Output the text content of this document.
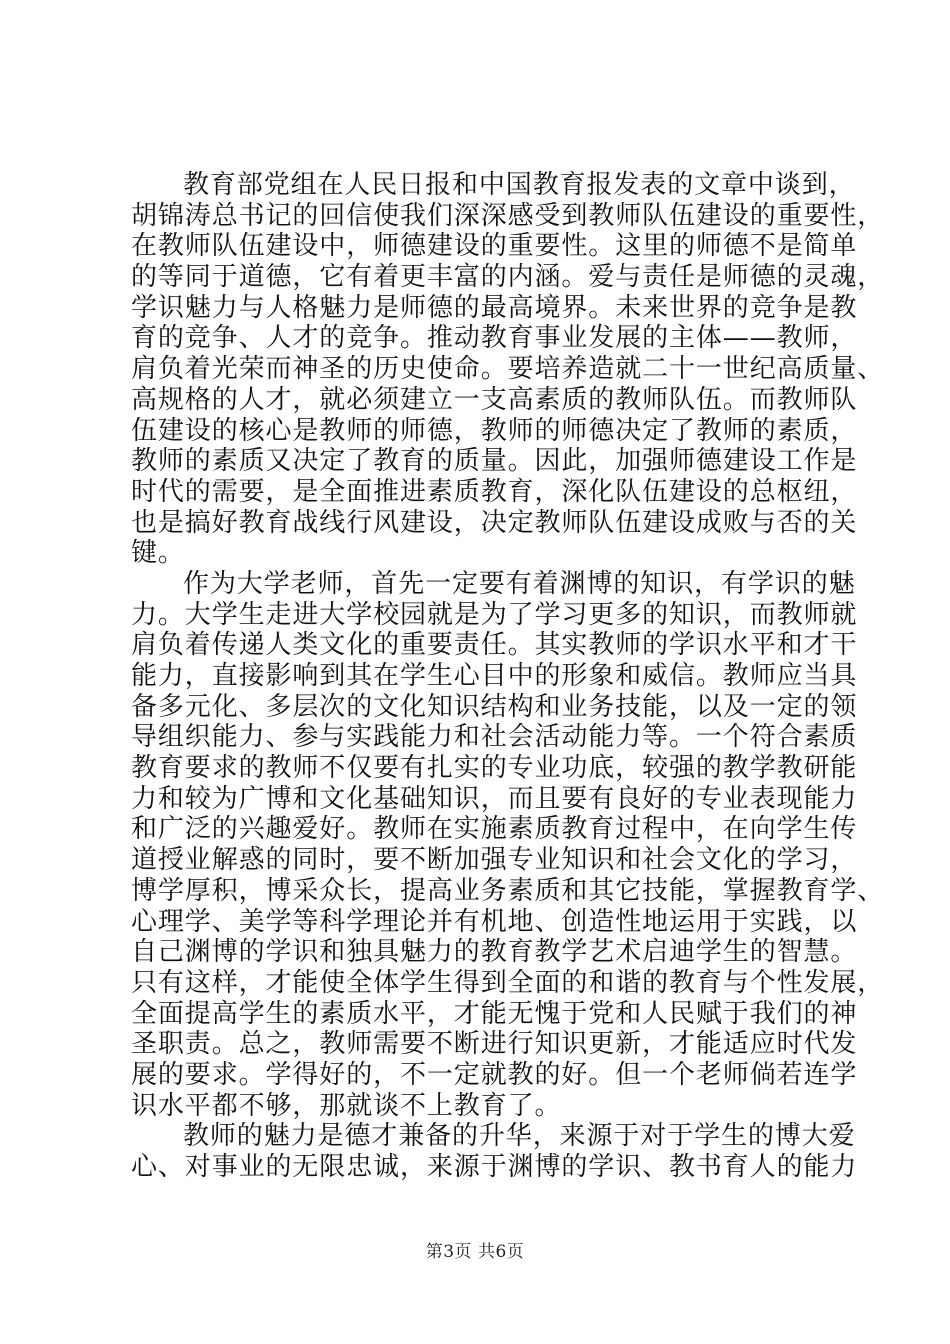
教育部党组在人民日报和中国教育报发表的文章中谈到，
胡锦涛总书记的回信使我们深深感受到教师队伍建设的重要性，
在教师队伍建设中，师德建设的重要性。这里的师德不是简单
的等同于道德，它有着更丰富的内涵。爱与责任是师德的灵魂，
学识魅力与人格魅力是师德的最高境界。未来世界的竞争是教
育的竞争、人才的竞争。推动教育事业发展的主体——教师，
肩负着光荣而神圣的历史使命。要培养造就二十一世纪高质量、
高规格的人才，就必须建立一支高素质的教师队伍。而教师队
伍建设的核心是教师的师德，教师的师德决定了教师的素质，
教师的素质又决定了教育的质量。因此，加强师德建设工作是
时代的需要，是全面推进素质教育，深化队伍建设的总枢纽，
也是搞好教育战线行风建设，决定教师队伍建设成败与否的关
键。
作为大学老师，首先一定要有着渊博的知识，有学识的魅
力。大学生走进大学校园就是为了学习更多的知识，而教师就
肩负着传递人类文化的重要责任。其实教师的学识水平和才干
能力，直接影响到其在学生心目中的形象和威信。教师应当具
备多元化、多层次的文化知识结构和业务技能，以及一定的领
导组织能力、参与实践能力和社会活动能力等。一个符合素质
教育要求的教师不仅要有扎实的专业功底，较强的教学教研能
力和较为广博和文化基础知识，而且要有良好的专业表现能力
和广泛的兴趣爱好。教师在实施素质教育过程中，在向学生传
道授业解惑的同时，要不断加强专业知识和社会文化的学习，
博学厚积，博采众长，提高业务素质和其它技能，掌握教育学、
心理学、美学等科学理论并有机地、创造性地运用于实践，以
自己渊博的学识和独具魅力的教育教学艺术启迪学生的智慧。
只有这样，才能使全体学生得到全面的和谐的教育与个性发展，
全面提高学生的素质水平，才能无愧于党和人民赋于我们的神
圣职责。总之，教师需要不断进行知识更新，才能适应时代发
展的要求。学得好的，不一定就教的好。但一个老师倘若连学
识水平都不够，那就谈不上教育了。
教师的魅力是德才兼备的升华，来源于对于学生的博大爱
心、对事业的无限忠诚，来源于渊博的学识、教书育人的能力
第3页 共6页
